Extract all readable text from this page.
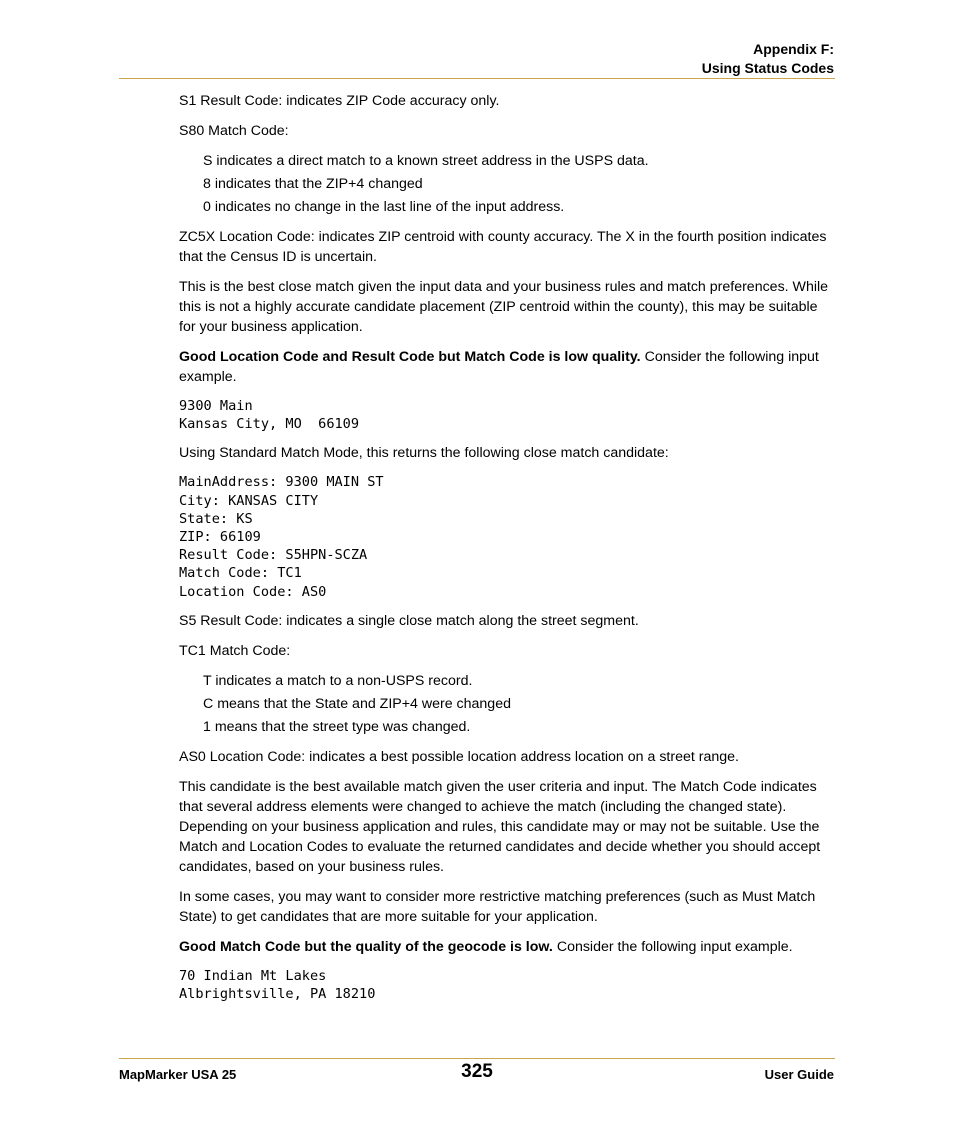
Appendix F:
Using Status Codes

S1 Result Code: indicates ZIP Code accuracy only.

S80 Match Code:

S indicates a direct match to a known street address in the USPS data.
8 indicates that the ZIP+4 changed
0 indicates no change in the last line of the input address.

ZC5X Location Code: indicates ZIP centroid with county accuracy. The X in the fourth position indicates that the Census ID is uncertain.

This is the best close match given the input data and your business rules and match preferences. While this is not a highly accurate candidate placement (ZIP centroid within the county), this may be suitable for your business application.

Good Location Code and Result Code but Match Code is low quality. Consider the following input example.

9300 Main
Kansas City, MO  66109

Using Standard Match Mode, this returns the following close match candidate:

MainAddress: 9300 MAIN ST
City: KANSAS CITY
State: KS
ZIP: 66109
Result Code: S5HPN-SCZA
Match Code: TC1
Location Code: AS0

S5 Result Code: indicates a single close match along the street segment.

TC1 Match Code:

T indicates a match to a non-USPS record.
C means that the State and ZIP+4 were changed
1 means that the street type was changed.

AS0 Location Code: indicates a best possible location address location on a street range.

This candidate is the best available match given the user criteria and input. The Match Code indicates that several address elements were changed to achieve the match (including the changed state). Depending on your business application and rules, this candidate may or may not be suitable. Use the Match and Location Codes to evaluate the returned candidates and decide whether you should accept candidates, based on your business rules.

In some cases, you may want to consider more restrictive matching preferences (such as Must Match State) to get candidates that are more suitable for your application.

Good Match Code but the quality of the geocode is low. Consider the following input example.

70 Indian Mt Lakes
Albrightsville, PA 18210
MapMarker USA 25	325	User Guide
